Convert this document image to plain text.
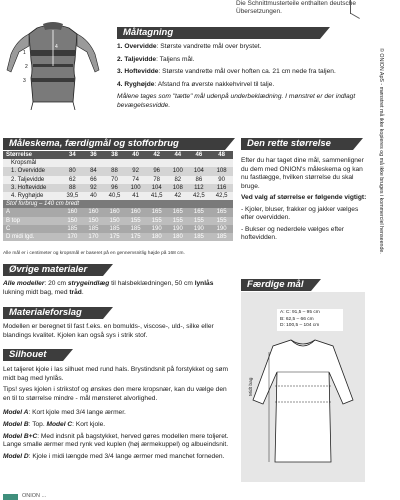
Die Schnittmusterteile enthalten deutsche
Übersetzungen.
Måltagning
1
2
3
4	1. Overvidde: Største vandrette mål over brystet.

2. Taljevidde: Taljens mål.

3. Hoftevidde: Største vandrette mål over hoften ca. 21 cm nede fra taljen.

4. Ryghøjde: Afstand fra øverste nakkehvirvel til talje.

Målene tages som "tætte" mål udenpå underbeklædning. I mønstret er der indlagt bevægelsesvidde.
Måleskema, færdigmål og stofforbrug
Størrelse	34	36	38	40	42	44	46	48
Kropsmål								
1. Overvidde	80	84	88	92	96	100	104	108
2. Taljevidde	62	66	70	74	78	82	86	90
3. Hoftevidde	88	92	96	100	104	108	112	116
4. Ryghøjde	39,5	40	40,5	41	41,5	42	42,5	42,5
Stof forbrug – 140 cm bredt								
A	160	160	160	160	165	165	165	165
B top	150	150	150	155	155	155	155	155
C	185	185	185	185	190	190	190	190
D midi lgd.	170	170	175	175	180	180	185	185
Alle mål er i centimeter og kropsmål er baseret på en gennemsnitlig højde på 168 cm.
Øvrige materialer
Alle modeller: 20 cm strygeindlæg til halsbeklædningen, 50 cm lynlås lukning midt bag, med tråd.
Materialeforslag
Modellen er beregnet til fast f.eks. en bomulds-, viscose-, uld-, silke eller blandings kvalitet. Kjolen kan også sys i strik stof.
Silhouet

Let taljeret kjole i las silhuet med rund hals. Brystindsnit på forstykket og søm midt bag med lynlås.

Tips! syes kjolen i strikstof og ønskes den mere kropsnær, kan du vælge den en til to størrelse mindre - mål mønsteret alvorlighed.

Model A: Kort kjole med 3/4 lange ærmer.

Model B: Top. Model C: Kort kjole.

Model B+C: Med indsnit på bagstykket, herved gøres modellen mere toljeret. Lange smalle ærmer med rynk ved kuplen (høj ærmekuppel) og albueindsnit.

Model D: Kjole i midi længde med 3/4 lange ærmer med manchet forneden.

Den rette størrelse

Efter du har taget dine mål, sammenligner du dem med ONION's måleskema og kan nu fastlægge, hvilken størrelse du skal bruge.

Ved valg af størrelse er følgende vigtigt:

- Kjoler, bluser, frakker og jakker vælges efter overvidden.

- Bukser og nederdele vælges efter hoftevidden.

Færdige mål
Midt bag
A: C: 91,5 – 95 cm
B: 62,5 – 66 cm
D: 100,5 – 104 cm
© ONION ApS - mønstret må ikke kopieres og må ikke bruges i kommerciel henseende.
ONION ...
